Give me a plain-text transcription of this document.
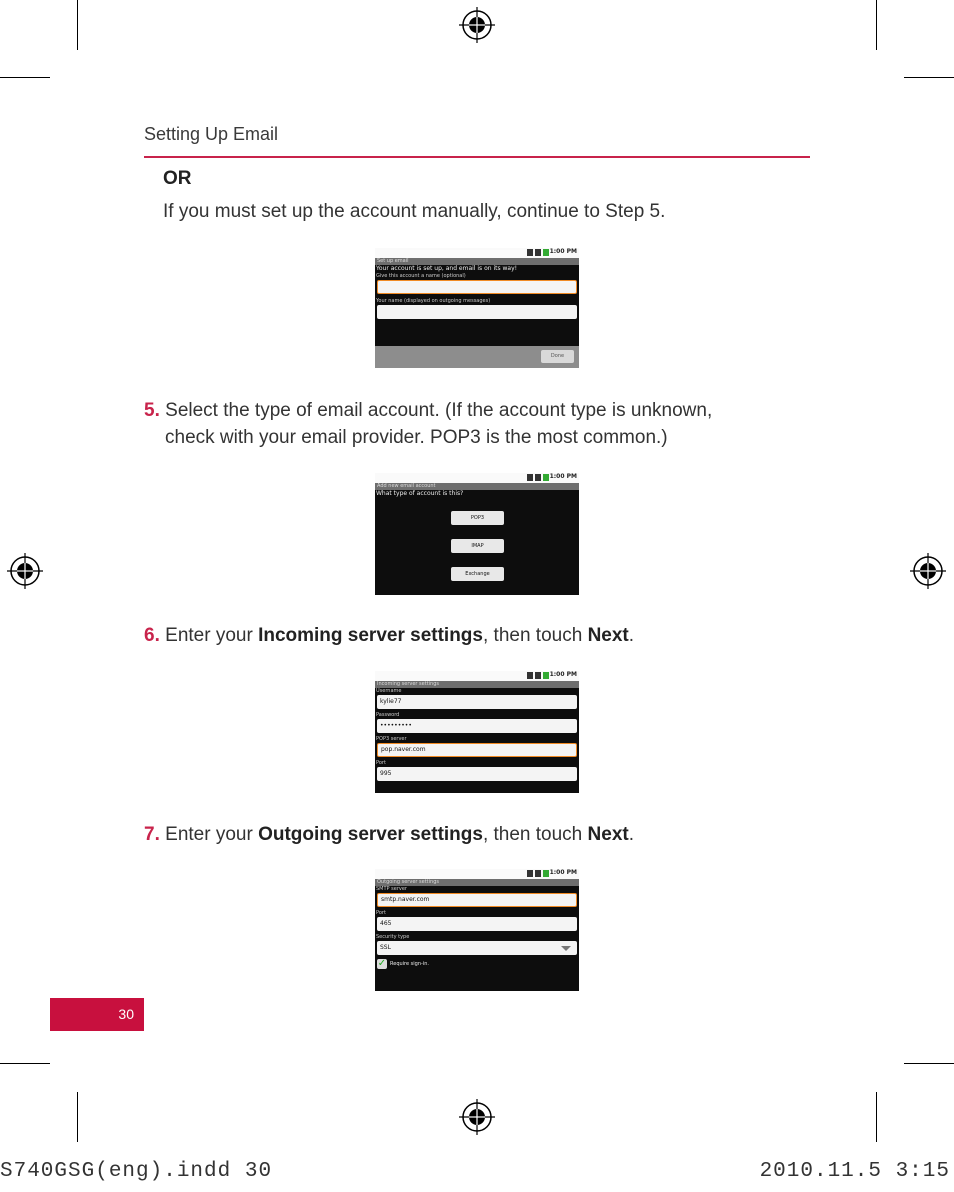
Setting Up Email
OR
If you must set up the account manually, continue to Step 5.
1:00 PM
Set up email
Your account is set up, and email is on its way!
Give this account a name (optional)
Your name (displayed on outgoing messages)
Done
5. Select the type of email account. (If the account type is unknown,
check with your email provider. POP3 is the most common.)
1:00 PM
Add new email account
What type of account is this?
POP3
IMAP
Exchange
6. Enter your Incoming server settings, then touch Next.
1:00 PM
Incoming server settings
Username
kylie77
Password
•••••••••
POP3 server
pop.naver.com
Port
995
7. Enter your Outgoing server settings, then touch Next.
1:00 PM
Outgoing server settings
SMTP server
smtp.naver.com
Port
465
Security type
SSL
✓ Require sign-in.
30
S740GSG(eng).indd 30	2010.11.5 3:15
